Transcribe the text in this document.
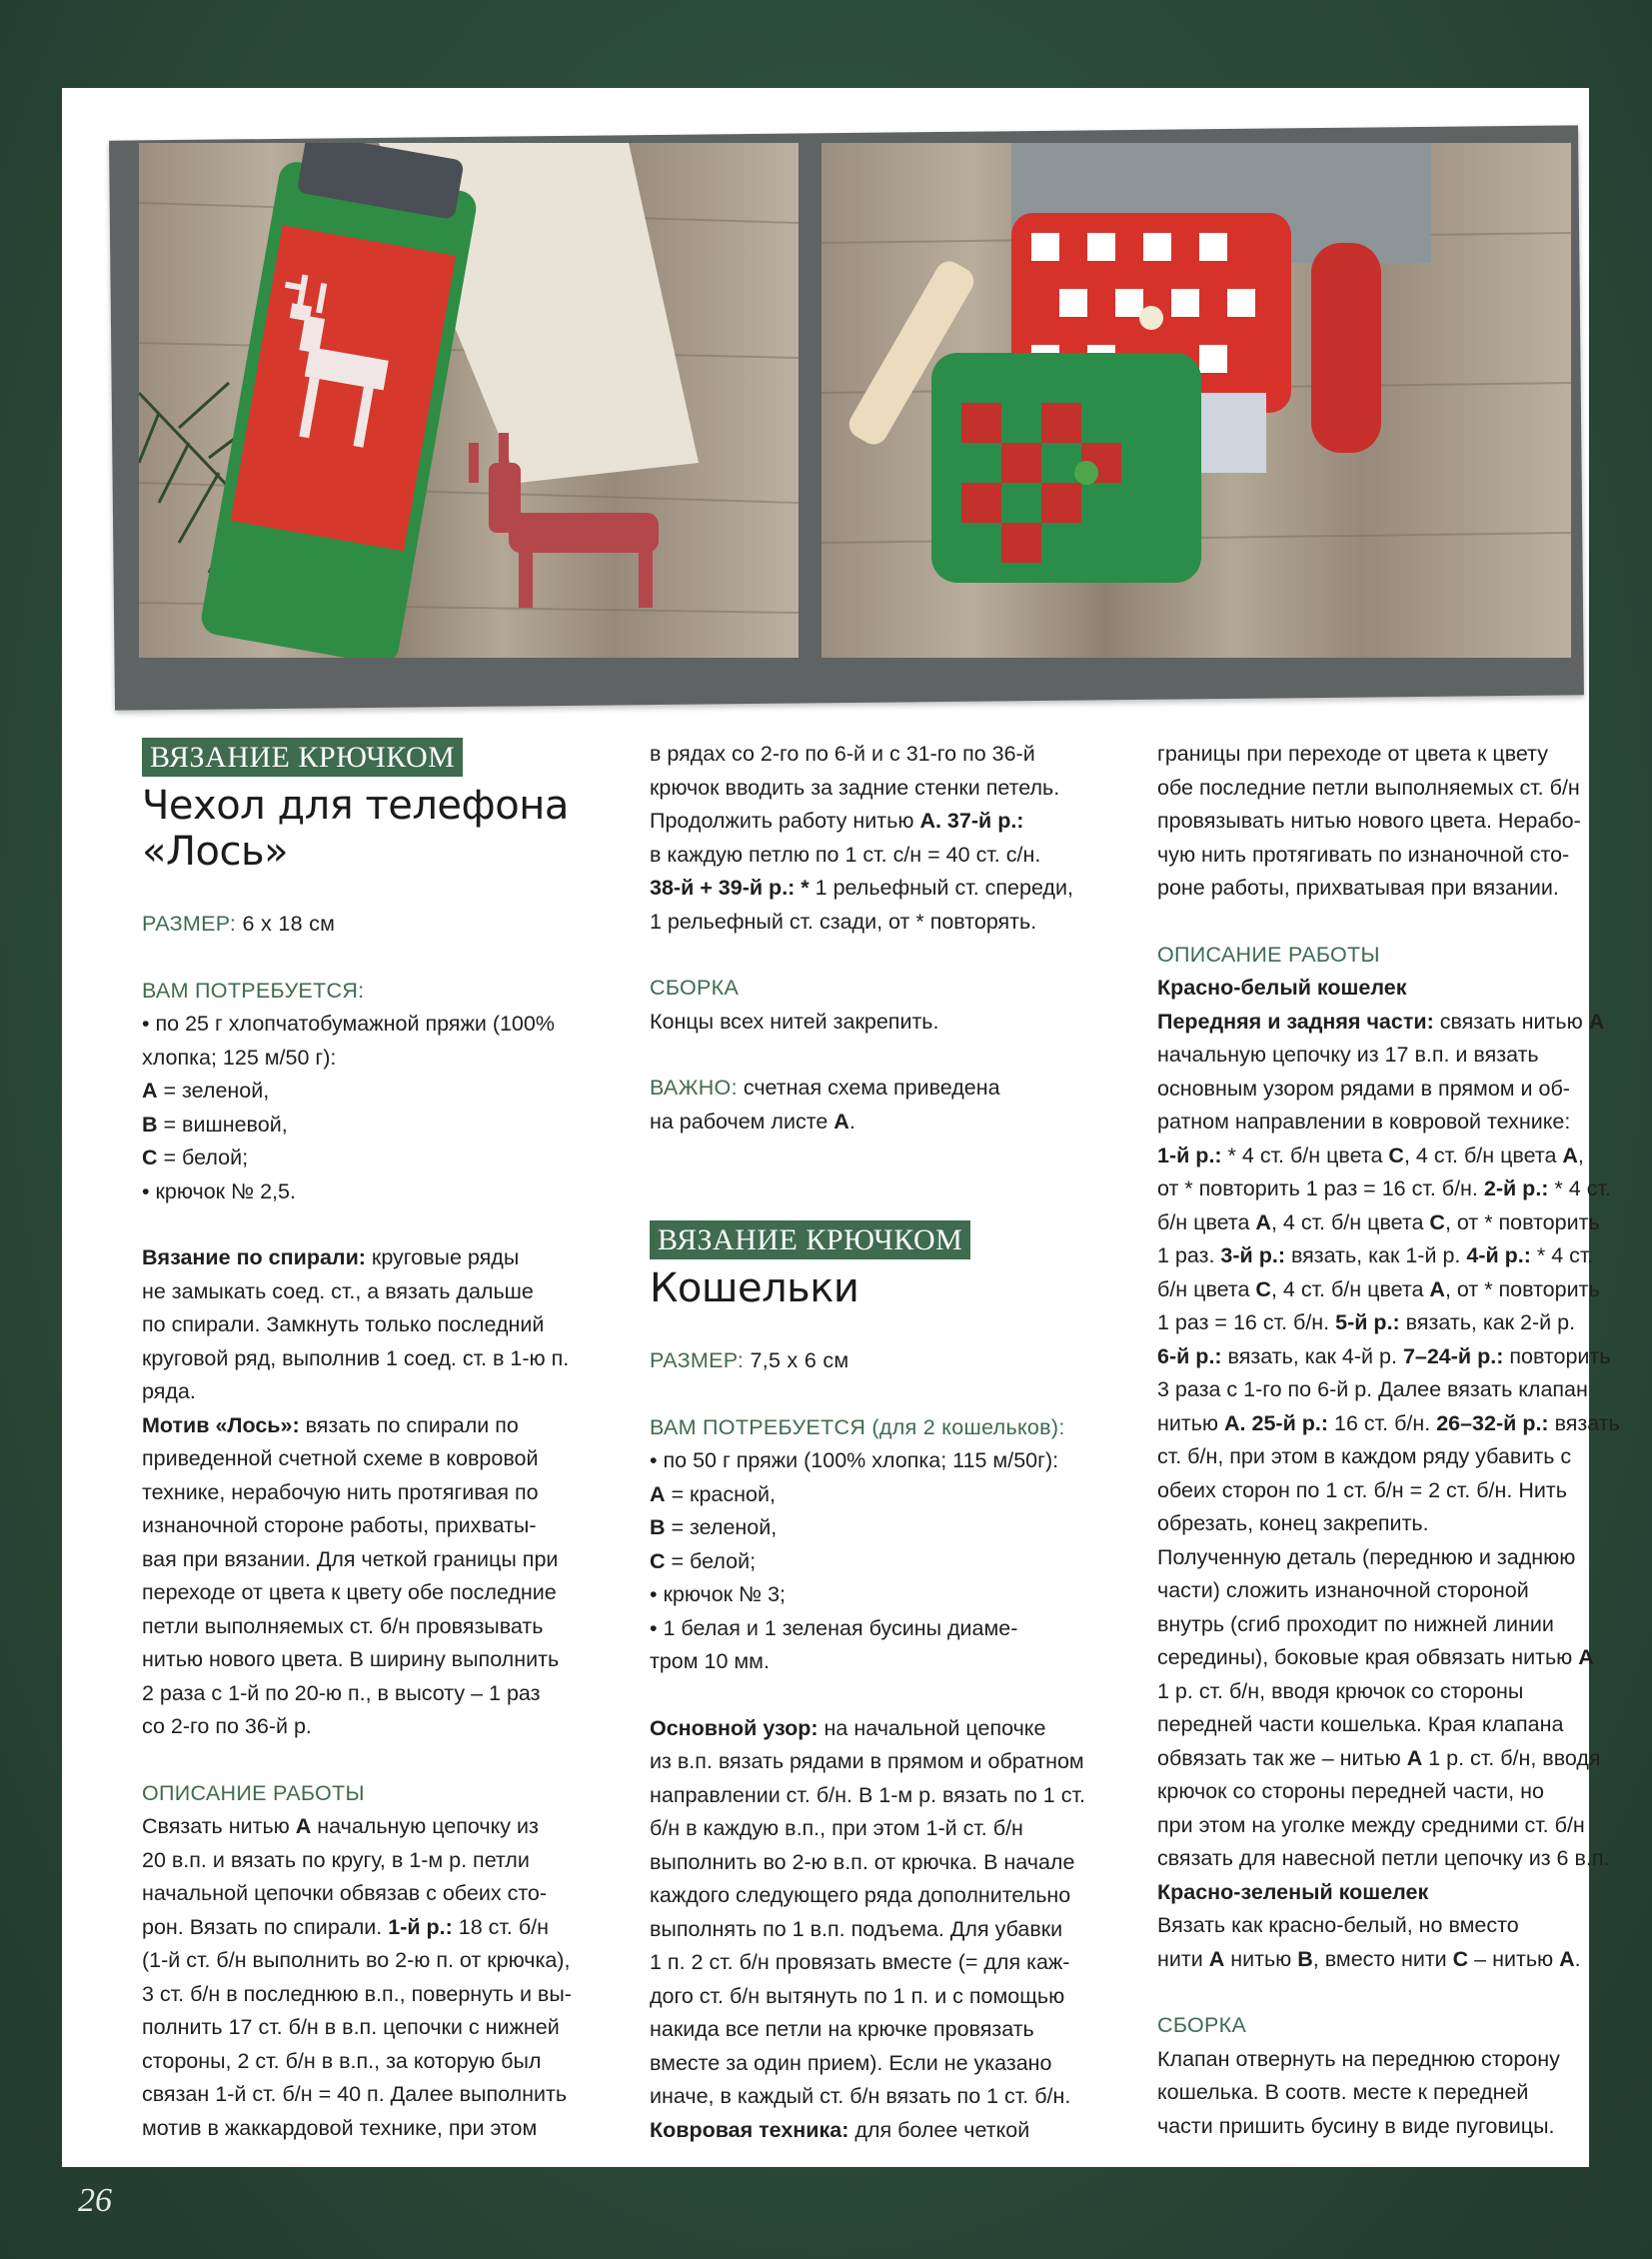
ВЯЗАНИЕ КРЮЧКОМ
Чехол для телефона
«Лось»

РАЗМЕР: 6 х 18 см

ВАМ ПОТРЕБУЕТСЯ:

• по 25 г хлопчатобумажной пряжи (100%

хлопка; 125 м/50 г):

A = зеленой,

B = вишневой,

C = белой;

• крючок № 2,5.

Вязание по спирали: круговые ряды

не замыкать соед. ст., а вязать дальше

по спирали. Замкнуть только последний

круговой ряд, выполнив 1 соед. ст. в 1-ю п.

ряда.

Мотив «Лось»: вязать по спирали по

приведенной счетной схеме в ковровой

технике, нерабочую нить протягивая по

изнаночной стороне работы, прихваты-

вая при вязании. Для четкой границы при

переходе от цвета к цвету обе последние

петли выполняемых ст. б/н провязывать

нитью нового цвета. В ширину выполнить

2 раза с 1-й по 20-ю п., в высоту – 1 раз

со 2-го по 36-й р.

ОПИСАНИЕ РАБОТЫ

Связать нитью A начальную цепочку из

20 в.п. и вязать по кругу, в 1-м р. петли

начальной цепочки обвязав с обеих сто-

рон. Вязать по спирали. 1-й р.: 18 ст. б/н

(1-й ст. б/н выполнить во 2-ю п. от крючка),

3 ст. б/н в последнюю в.п., повернуть и вы-

полнить 17 ст. б/н в в.п. цепочки с нижней

стороны, 2 ст. б/н в в.п., за которую был

связан 1-й ст. б/н = 40 п. Далее выполнить

мотив в жаккардовой технике, при этом

в рядах со 2-го по 6-й и с 31-го по 36-й

крючок вводить за задние стенки петель.

Продолжить работу нитью A. 37-й р.:

в каждую петлю по 1 ст. с/н = 40 ст. с/н.

38-й + 39-й р.: * 1 рельефный ст. спереди,

1 рельефный ст. сзади, от * повторять.

СБОРКА

Концы всех нитей закрепить.

ВАЖНО: счетная схема приведена

на рабочем листе A.

ВЯЗАНИЕ КРЮЧКОМ
Кошельки

РАЗМЕР: 7,5 х 6 см

ВАМ ПОТРЕБУЕТСЯ (для 2 кошельков):

• по 50 г пряжи (100% хлопка; 115 м/50г):

A = красной,

B = зеленой,

C = белой;

• крючок № 3;

• 1 белая и 1 зеленая бусины диаме-

тром 10 мм.

Основной узор: на начальной цепочке

из в.п. вязать рядами в прямом и обратном

направлении ст. б/н. В 1-м р. вязать по 1 ст.

б/н в каждую в.п., при этом 1-й ст. б/н

выполнить во 2-ю в.п. от крючка. В начале

каждого следующего ряда дополнительно

выполнять по 1 в.п. подъема. Для убавки

1 п. 2 ст. б/н провязать вместе (= для каж-

дого ст. б/н вытянуть по 1 п. и с помощью

накида все петли на крючке провязать

вместе за один прием). Если не указано

иначе, в каждый ст. б/н вязать по 1 ст. б/н.

Ковровая техника: для более четкой

границы при переходе от цвета к цвету

обе последние петли выполняемых ст. б/н

провязывать нитью нового цвета. Нерабо-

чую нить протягивать по изнаночной сто-

роне работы, прихватывая при вязании.

ОПИСАНИЕ РАБОТЫ

Красно-белый кошелек

Передняя и задняя части: связать нитью A

начальную цепочку из 17 в.п. и вязать

основным узором рядами в прямом и об-

ратном направлении в ковровой технике:

1-й р.: * 4 ст. б/н цвета C, 4 ст. б/н цвета A,

от * повторить 1 раз = 16 ст. б/н. 2-й р.: * 4 ст.

б/н цвета A, 4 ст. б/н цвета C, от * повторить

1 раз. 3-й р.: вязать, как 1-й р. 4-й р.: * 4 ст.

б/н цвета C, 4 ст. б/н цвета A, от * повторить

1 раз = 16 ст. б/н. 5-й р.: вязать, как 2-й р.

6-й р.: вязать, как 4-й р. 7–24-й р.: повторить

3 раза с 1-го по 6-й р. Далее вязать клапан

нитью A. 25-й р.: 16 ст. б/н. 26–32-й р.: вязать

ст. б/н, при этом в каждом ряду убавить с

обеих сторон по 1 ст. б/н = 2 ст. б/н. Нить

обрезать, конец закрепить.

Полученную деталь (переднюю и заднюю

части) сложить изнаночной стороной

внутрь (сгиб проходит по нижней линии

середины), боковые края обвязать нитью A

1 р. ст. б/н, вводя крючок со стороны

передней части кошелька. Края клапана

обвязать так же – нитью A 1 р. ст. б/н, вводя

крючок со стороны передней части, но

при этом на уголке между средними ст. б/н

связать для навесной петли цепочку из 6 в.п.

Красно-зеленый кошелек

Вязать как красно-белый, но вместо

нити A нитью B, вместо нити C – нитью A.

СБОРКА

Клапан отвернуть на переднюю сторону

кошелька. В соотв. месте к передней

части пришить бусину в виде пуговицы.

26
